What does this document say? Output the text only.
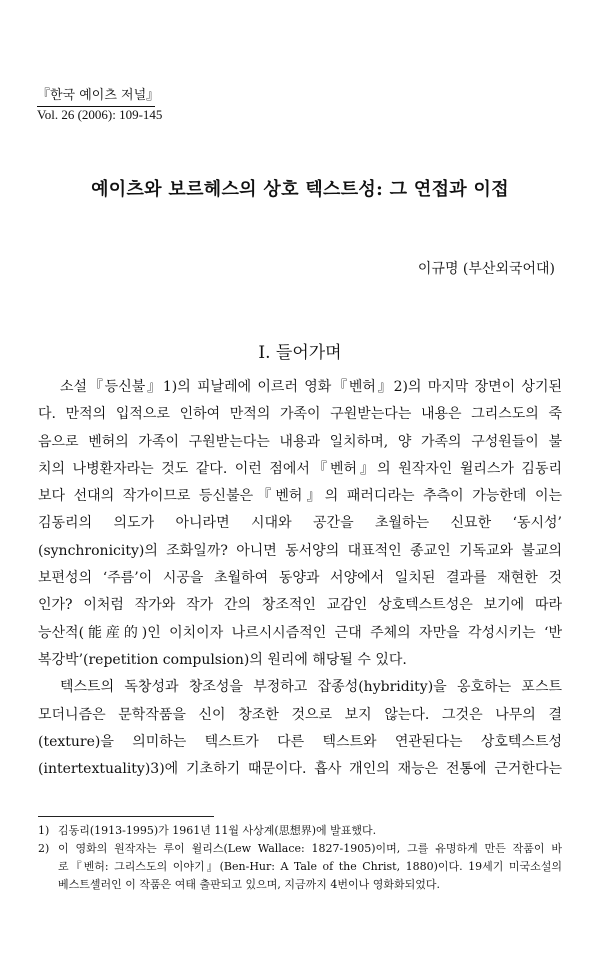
『한국 예이츠 저널』
Vol. 26 (2006): 109-145
예이츠와 보르헤스의 상호 텍스트성: 그 연접과 이접
이규명 (부산외국어대)
I. 들어가며
소설『등신불』1)의 피날레에 이르러 영화『벤허』2)의 마지막 장면이 상기된
다. 만적의 입적으로 인하여 만적의 가족이 구원받는다는 내용은 그리스도의 죽
음으로 벤허의 가족이 구원받는다는 내용과 일치하며, 양 가족의 구성원들이 불
치의 나병환자라는 것도 같다. 이런 점에서『벤허』의 원작자인 윌리스가 김동리
보다 선대의 작가이므로 등신불은『벤허』의 패러디라는 추측이 가능한데 이는
김동리의 의도가 아니라면 시대와 공간을 초월하는 신묘한 ‘동시성’
(synchronicity)의 조화일까? 아니면 동서양의 대표적인 종교인 기독교와 불교의
보편성의 ‘주름’이 시공을 초월하여 동양과 서양에서 일치된 결과를 재현한 것
인가? 이처럼 작가와 작가 간의 창조적인 교감인 상호텍스트성은 보기에 따라
능산적(能産的)인 이치이자 나르시시즘적인 근대 주체의 자만을 각성시키는 ‘반
복강박’(repetition compulsion)의 원리에 해당될 수 있다.
텍스트의 독창성과 창조성을 부정하고 잡종성(hybridity)을 옹호하는 포스트
모더니즘은 문학작품을 신이 창조한 것으로 보지 않는다. 그것은 나무의 결
(texture)을 의미하는 텍스트가 다른 텍스트와 연관된다는 상호텍스트성
(intertextuality)3)에 기초하기 때문이다. 흡사 개인의 재능은 전통에 근거한다는
1) 김동리(1913-1995)가 1961년 11월 사상계(思想界)에 발표했다.
2) 이 영화의 원작자는 루이 윌리스(Lew Wallace: 1827-1905)이며, 그를 유명하게 만든 작품이 바
로『벤허: 그리스도의 이야기』(Ben-Hur: A Tale of the Christ, 1880)이다. 19세기 미국소설의
베스트셀러인 이 작품은 여태 출판되고 있으며, 지금까지 4번이나 영화화되었다.
